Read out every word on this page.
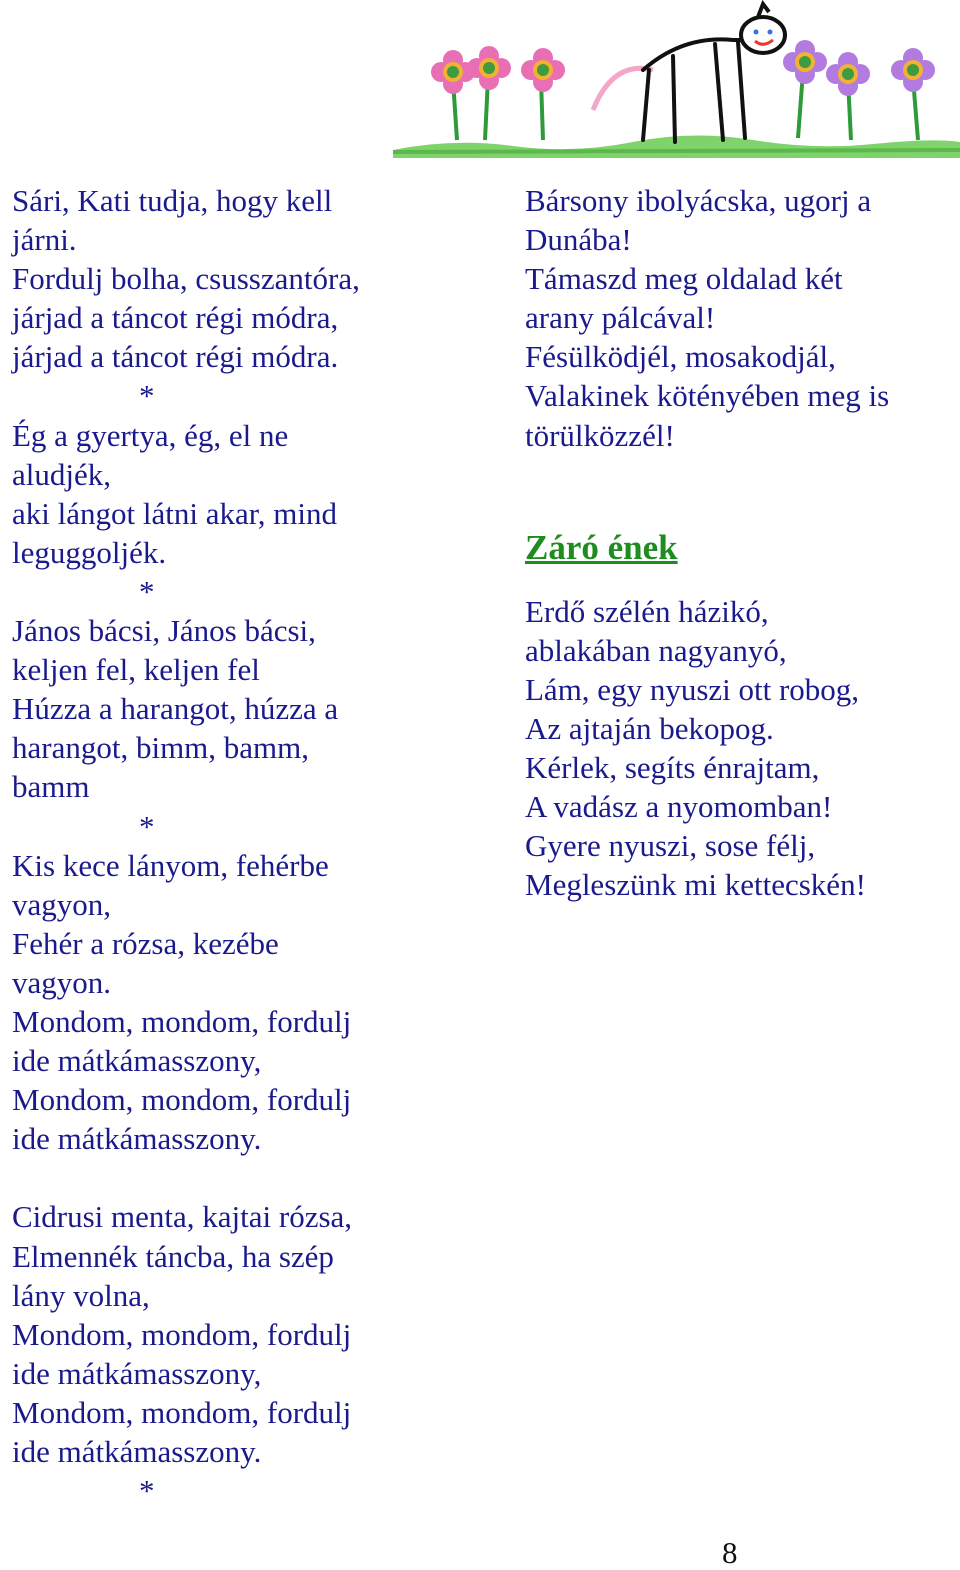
Sári, Kati tudja, hogy kell
járni.
Fordulj bolha, csusszantóra,
járjad a táncot régi módra,
járjad a táncot régi módra.
*
Ég a gyertya, ég, el ne
aludjék,
aki lángot látni akar, mind
leguggoljék.
*
János bácsi, János bácsi,
keljen fel, keljen fel
Húzza a harangot, húzza a
harangot, bimm, bamm,
bamm
*
Kis kece lányom, fehérbe
vagyon,
Fehér a rózsa, kezébe
vagyon.
Mondom, mondom, fordulj
ide mátkámasszony,
Mondom, mondom, fordulj
ide mátkámasszony.
Cidrusi menta, kajtai rózsa,
Elmennék táncba, ha szép
lány volna,
Mondom, mondom, fordulj
ide mátkámasszony,
Mondom, mondom, fordulj
ide mátkámasszony.
*
Bársony ibolyácska, ugorj a
Dunába!
Támaszd meg oldalad két
arany pálcával!
Fésülködjél, mosakodjál,
Valakinek kötényében meg is
törülközzél!
Záró ének
Erdő szélén házikó,
ablakában nagyanyó,
Lám, egy nyuszi ott robog,
Az ajtaján bekopog.
Kérlek, segíts énrajtam,
A vadász a nyomomban!
Gyere nyuszi, sose félj,
Megleszünk mi kettecskén!
8
